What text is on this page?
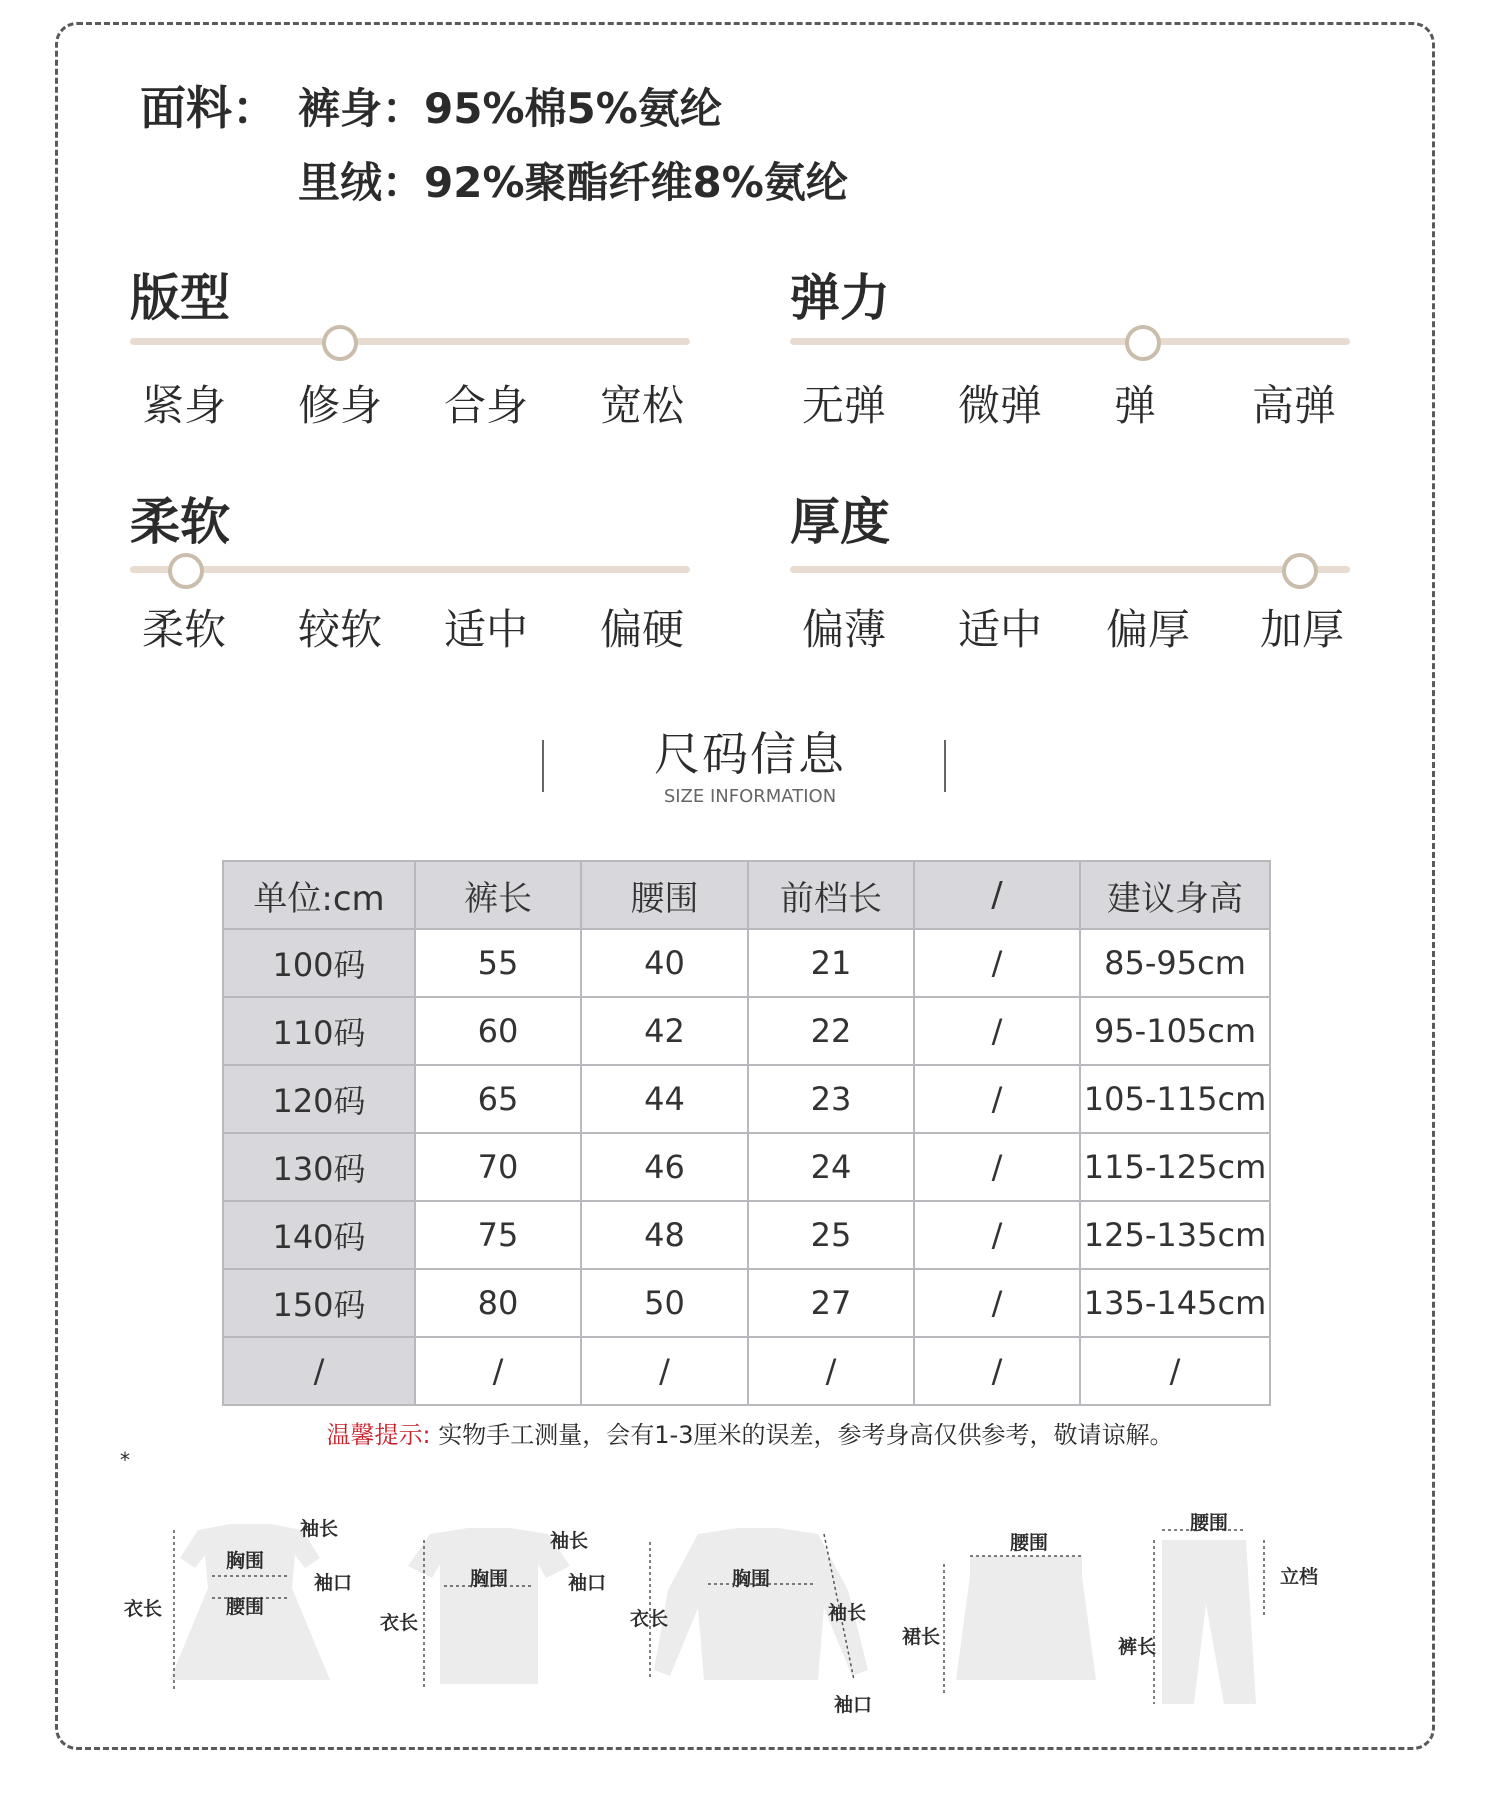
面料： 裤身：95%棉5%氨纶
里绒：92%聚酯纤维8%氨纶
版型
紧身 修身 合身 宽松
弹力
无弹 微弹 弹 高弹
柔软
柔软 较软 适中 偏硬
厚度
偏薄 适中 偏厚 加厚
尺码信息
SIZE INFORMATION
单位:cm	裤长	腰围	前档长	/	建议身高
100码	55	40	21	/	85-95cm
110码	60	42	22	/	95-105cm
120码	65	44	23	/	105-115cm
130码	70	46	24	/	115-125cm
140码	75	48	25	/	125-135cm
150码	80	50	27	/	135-145cm
/	/	/	/	/	/
温馨提示: 实物手工测量，会有1-3厘米的误差，参考身高仅供参考，敬请谅解。
*
袖长
胸围
袖口
腰围
衣长
袖长
胸围	袖口
衣长
胸围
衣长	袖长
袖口
腰围
裙长
腰围
立档
裤长
